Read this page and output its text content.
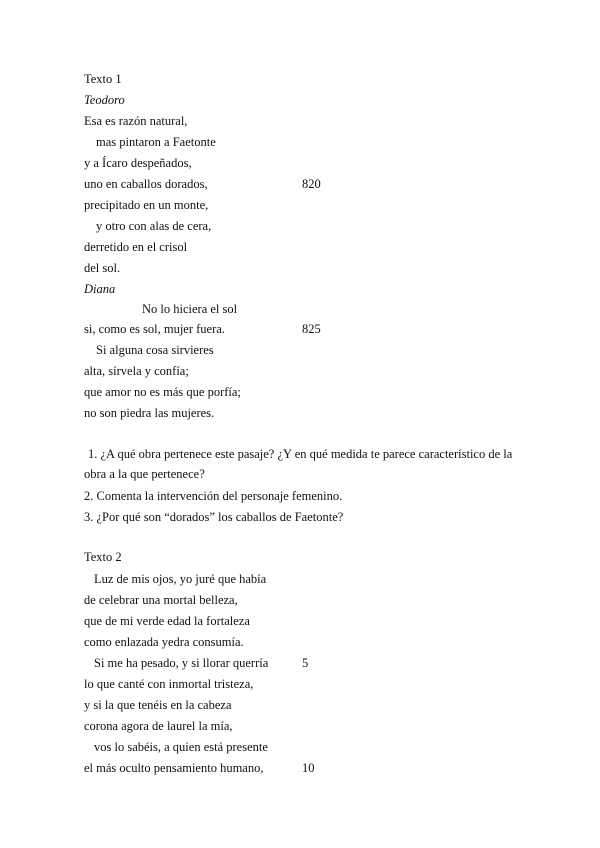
Texto 1
Teodoro
Esa es razón natural,
mas pintaron a Faetonte
y a Ícaro despeñados,
uno en caballos dorados,	820
precipitado en un monte,
y otro con alas de cera,
derretido en el crisol
del sol.
Diana
No lo hiciera el sol
si, como es sol, mujer fuera.	825
Si alguna cosa sirvieres
alta, sírvela y confía;
que amor no es más que porfía;
no son piedra las mujeres.
1. ¿A qué obra pertenece este pasaje? ¿Y en qué medida te parece característico de la
obra a la que pertenece?
2. Comenta la intervención del personaje femenino.
3. ¿Por qué son “dorados” los caballos de Faetonte?
Texto 2
Luz de mis ojos, yo juré que había
de celebrar una mortal belleza,
que de mi verde edad la fortaleza
como enlazada yedra consumía.
Si me ha pesado, y si llorar querría	5
lo que canté con inmortal tristeza,
y si la que tenéis en la cabeza
corona agora de laurel la mía,
vos lo sabéis, a quien está presente
el más oculto pensamiento humano,	10
